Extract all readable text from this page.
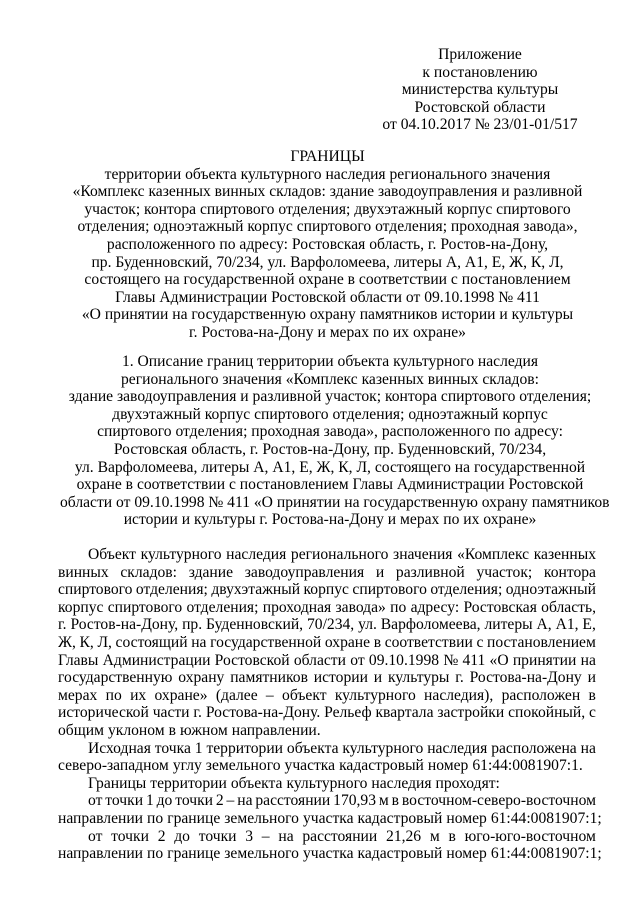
Приложение
к постановлению
министерства культуры
Ростовской области
от 04.10.2017 № 23/01-01/517
ГРАНИЦЫ
территории объекта культурного наследия регионального значения
«Комплекс казенных винных складов: здание заводоуправления и разливной
участок; контора спиртового отделения; двухэтажный корпус спиртового
отделения; одноэтажный корпус спиртового отделения; проходная завода»,
расположенного по адресу: Ростовская область, г. Ростов-на-Дону,
пр. Буденновский, 70/234, ул. Варфоломеева, литеры А, А1, Е, Ж, К, Л,
состоящего на государственной охране в соответствии с постановлением
Главы Администрации Ростовской области от 09.10.1998 № 411
«О принятии на государственную охрану памятников истории и культуры
г. Ростова-на-Дону и мерах по их охране»
1. Описание границ территории объекта культурного наследия
регионального значения «Комплекс казенных винных складов:
здание заводоуправления и разливной участок; контора спиртового отделения;
двухэтажный корпус спиртового отделения; одноэтажный корпус
спиртового отделения; проходная завода», расположенного по адресу:
Ростовская область, г. Ростов-на-Дону, пр. Буденновский, 70/234,
ул. Варфоломеева, литеры А, А1, Е, Ж, К, Л, состоящего на государственной
охране в соответствии с постановлением Главы Администрации Ростовской
области от 09.10.1998 № 411 «О принятии на государственную охрану памятников
истории и культуры г. Ростова-на-Дону и мерах по их охране»
Объект культурного наследия регионального значения «Комплекс казенных
винных складов: здание заводоуправления и разливной участок; контора
спиртового отделения; двухэтажный корпус спиртового отделения; одноэтажный
корпус спиртового отделения; проходная завода» по адресу: Ростовская область,
г. Ростов-на-Дону, пр. Буденновский, 70/234, ул. Варфоломеева, литеры А, А1, Е,
Ж, К, Л, состоящий на государственной охране в соответствии с постановлением
Главы Администрации Ростовской области от 09.10.1998 № 411 «О принятии на
государственную охрану памятников истории и культуры г. Ростова-на-Дону и
мерах по их охране» (далее – объект культурного наследия), расположен в
исторической части г. Ростова-на-Дону. Рельеф квартала застройки спокойный, с
общим уклоном в южном направлении.
Исходная точка 1 территории объекта культурного наследия расположена на
северо-западном углу земельного участка кадастровый номер 61:44:0081907:1.
Границы территории объекта культурного наследия проходят:
от точки 1 до точки 2 – на расстоянии 170,93 м в восточном-северо-восточном
направлении по границе земельного участка кадастровый номер 61:44:0081907:1;
от точки 2 до точки 3 – на расстоянии 21,26 м в юго-юго-восточном
направлении по границе земельного участка кадастровый номер 61:44:0081907:1;
